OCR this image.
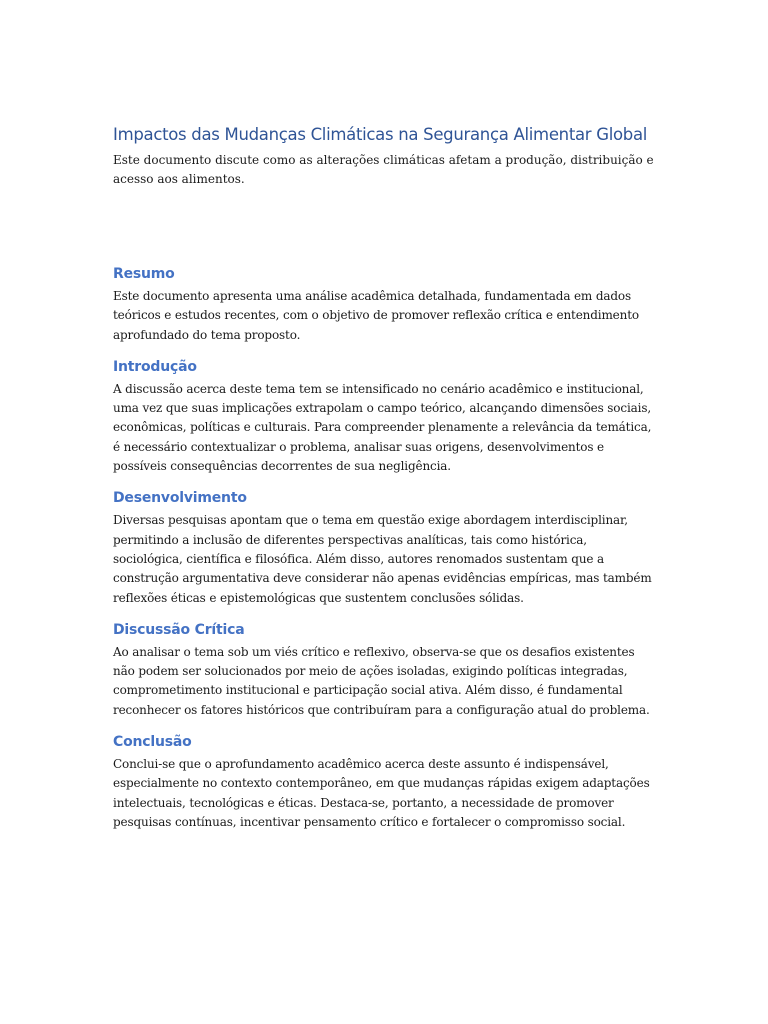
Impactos das Mudanças Climáticas na Segurança Alimentar Global

Este documento discute como as alterações climáticas afetam a produção, distribuição e acesso aos alimentos.

Resumo

Este documento apresenta uma análise acadêmica detalhada, fundamentada em dados teóricos e estudos recentes, com o objetivo de promover reflexão crítica e entendimento aprofundado do tema proposto.

Introdução

A discussão acerca deste tema tem se intensificado no cenário acadêmico e institucional, uma vez que suas implicações extrapolam o campo teórico, alcançando dimensões sociais, econômicas, políticas e culturais. Para compreender plenamente a relevância da temática, é necessário contextualizar o problema, analisar suas origens, desenvolvimentos e possíveis consequências decorrentes de sua negligência.

Desenvolvimento

Diversas pesquisas apontam que o tema em questão exige abordagem interdisciplinar, permitindo a inclusão de diferentes perspectivas analíticas, tais como histórica, sociológica, científica e filosófica. Além disso, autores renomados sustentam que a construção argumentativa deve considerar não apenas evidências empíricas, mas também reflexões éticas e epistemológicas que sustentem conclusões sólidas.

Discussão Crítica

Ao analisar o tema sob um viés crítico e reflexivo, observa-se que os desafios existentes não podem ser solucionados por meio de ações isoladas, exigindo políticas integradas, comprometimento institucional e participação social ativa. Além disso, é fundamental reconhecer os fatores históricos que contribuíram para a configuração atual do problema.

Conclusão

Conclui-se que o aprofundamento acadêmico acerca deste assunto é indispensável, especialmente no contexto contemporâneo, em que mudanças rápidas exigem adaptações intelectuais, tecnológicas e éticas. Destaca-se, portanto, a necessidade de promover pesquisas contínuas, incentivar pensamento crítico e fortalecer o compromisso social.
